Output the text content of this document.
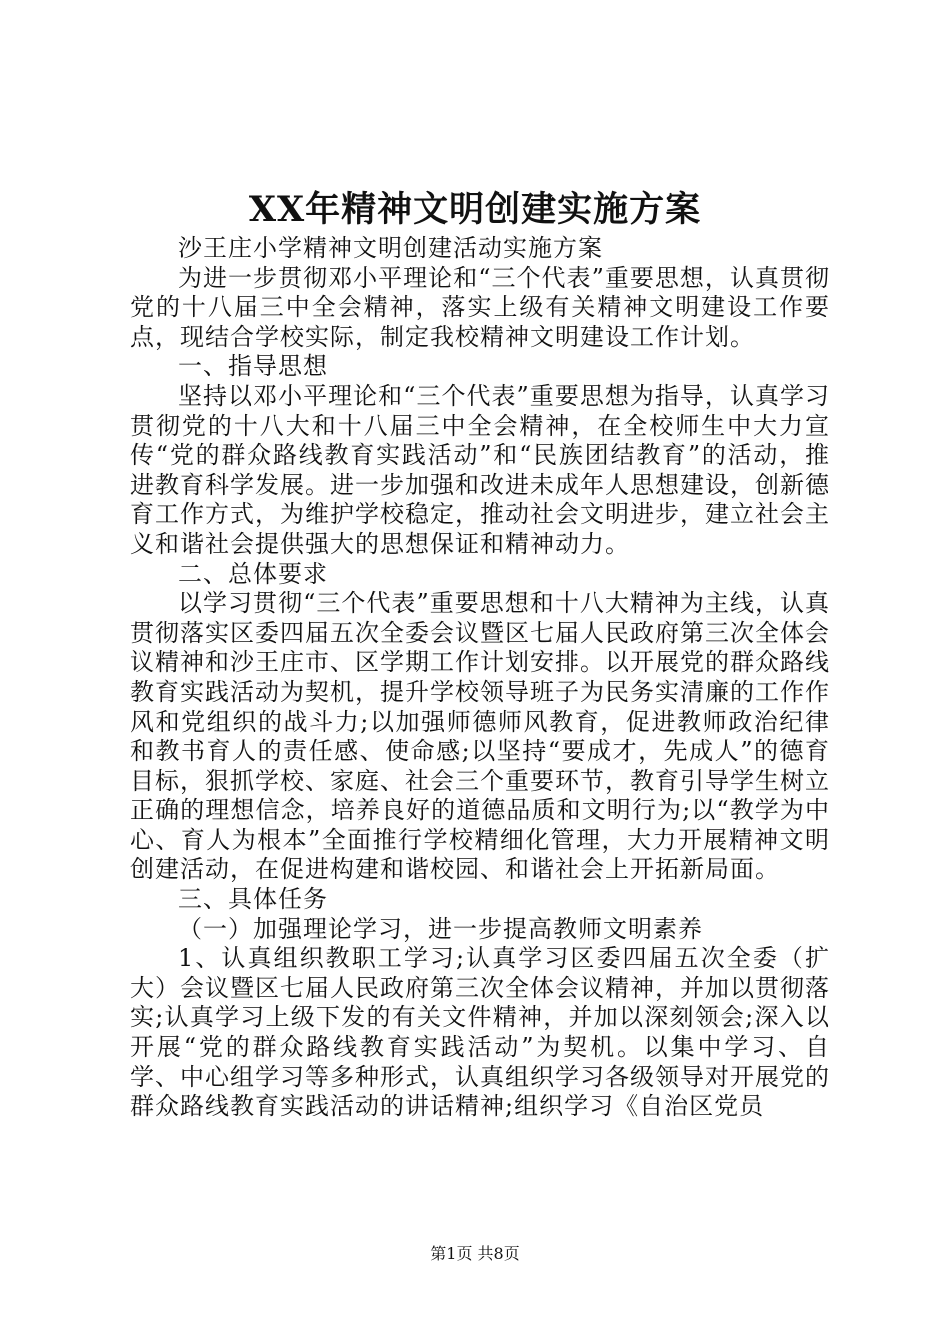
XX年精神文明创建实施方案

沙王庄小学精神文明创建活动实施方案

为进一步贯彻邓小平理论和“三个代表”重要思想，认真贯彻党的十八届三中全会精神，落实上级有关精神文明建设工作要点，现结合学校实际，制定我校精神文明建设工作计划。

一、指导思想

坚持以邓小平理论和“三个代表”重要思想为指导，认真学习贯彻党的十八大和十八届三中全会精神，在全校师生中大力宣传“党的群众路线教育实践活动”和“民族团结教育”的活动，推进教育科学发展。进一步加强和改进未成年人思想建设，创新德育工作方式，为维护学校稳定，推动社会文明进步，建立社会主义和谐社会提供强大的思想保证和精神动力。

二、总体要求

以学习贯彻“三个代表”重要思想和十八大精神为主线，认真贯彻落实区委四届五次全委会议暨区七届人民政府第三次全体会议精神和沙王庄市、区学期工作计划安排。以开展党的群众路线教育实践活动为契机，提升学校领导班子为民务实清廉的工作作风和党组织的战斗力;以加强师德师风教育，促进教师政治纪律和教书育人的责任感、使命感;以坚持“要成才，先成人”的德育目标，狠抓学校、家庭、社会三个重要环节，教育引导学生树立正确的理想信念，培养良好的道德品质和文明行为;以“教学为中心、育人为根本”全面推行学校精细化管理，大力开展精神文明创建活动，在促进构建和谐校园、和谐社会上开拓新局面。

三、具体任务

（一）加强理论学习，进一步提高教师文明素养

1、认真组织教职工学习;认真学习区委四届五次全委（扩大）会议暨区七届人民政府第三次全体会议精神，并加以贯彻落实;认真学习上级下发的有关文件精神，并加以深刻领会;深入以开展“党的群众路线教育实践活动”为契机。以集中学习、自学、中心组学习等多种形式，认真组织学习各级领导对开展党的群众路线教育实践活动的讲话精神;组织学习《自治区党员

第1页 共8页
